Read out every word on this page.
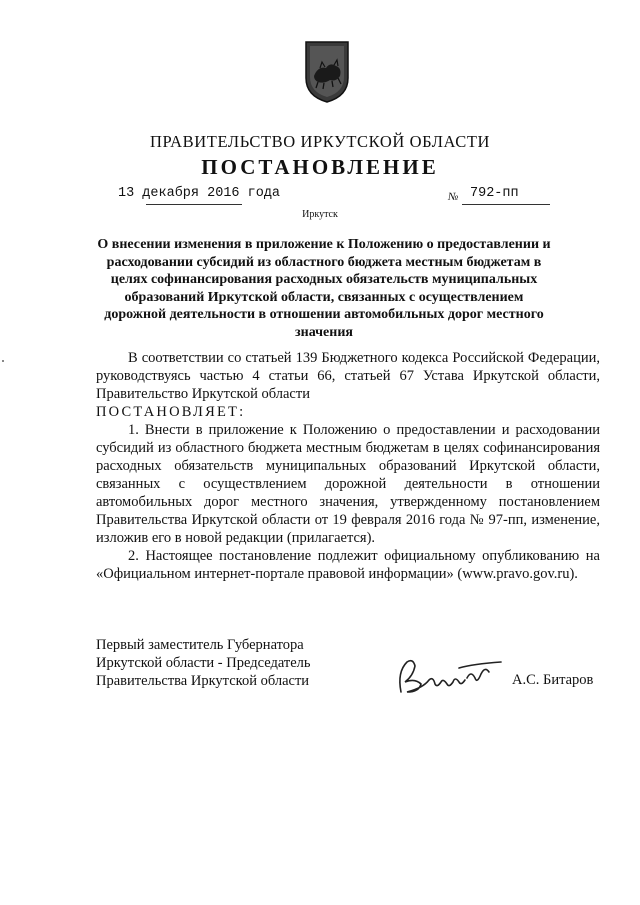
ПРАВИТЕЛЬСТВО ИРКУТСКОЙ ОБЛАСТИ
ПОСТАНОВЛЕНИЕ
13 декабря 2016 года	№ 792-пп
Иркутск
О внесении изменения в приложение к Положению о предоставлении и расходовании субсидий из областного бюджета местным бюджетам в целях софинансирования расходных обязательств муниципальных образований Иркутской области, связанных с осуществлением дорожной деятельности в отношении автомобильных дорог местного значения

В соответствии со статьей 139 Бюджетного кодекса Российской Федерации, руководствуясь частью 4 статьи 66, статьей 67 Устава Иркутской области, Правительство Иркутской области

ПОСТАНОВЛЯЕТ:

1. Внести в приложение к Положению о предоставлении и расходовании субсидий из областного бюджета местным бюджетам в целях софинансирования расходных обязательств муниципальных образований Иркутской области, связанных с осуществлением дорожной деятельности в отношении автомобильных дорог местного значения, утвержденному постановлением Правительства Иркутской области от 19 февраля 2016 года № 97-пп, изменение, изложив его в новой редакции (прилагается).

2. Настоящее постановление подлежит официальному опубликованию на «Официальном интернет-портале правовой информации» (www.pravo.gov.ru).

Первый заместитель Губернатора
Иркутской области - Председатель
Правительства Иркутской области	А.С. Битаров
